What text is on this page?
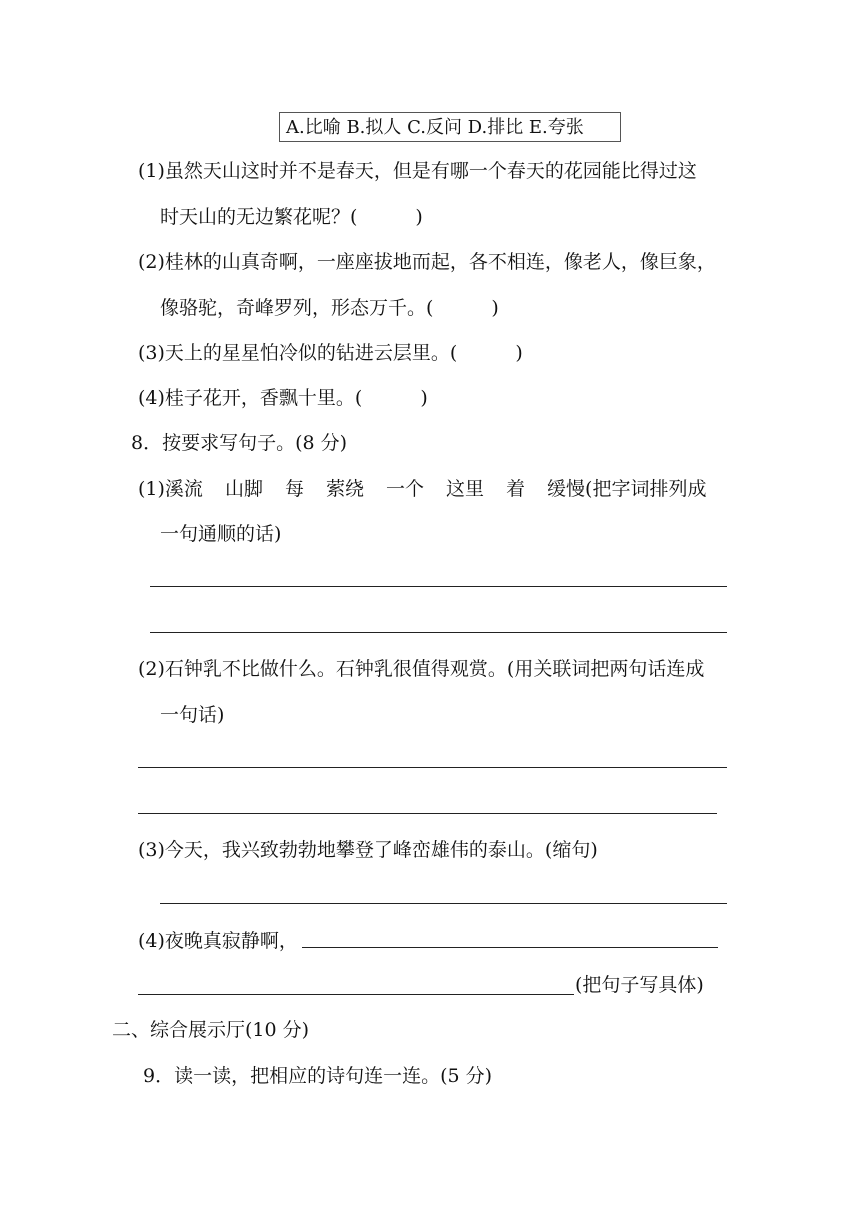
A.比喻 B.拟人 C.反问 D.排比 E.夸张
(1)虽然天山这时并不是春天，但是有哪一个春天的花园能比得过这
时天山的无边繁花呢？(	)
(2)桂林的山真奇啊，一座座拔地而起，各不相连，像老人，像巨象，
像骆驼，奇峰罗列，形态万千。(	)
(3)天上的星星怕冷似的钻进云层里。(	)
(4)桂子花开，香飘十里。(	)
8．按要求写句子。(8 分)
(1)溪流 山脚 每 萦绕 一个 这里 着 缓慢(把字词排列成
一句通顺的话)
(2)石钟乳不比做什么。石钟乳很值得观赏。(用关联词把两句话连成
一句话)
(3)今天，我兴致勃勃地攀登了峰峦雄伟的泰山。(缩句)
(4)夜晚真寂静啊，
(把句子写具体)
二、综合展示厅(10 分)
9．读一读，把相应的诗句连一连。(5 分)
